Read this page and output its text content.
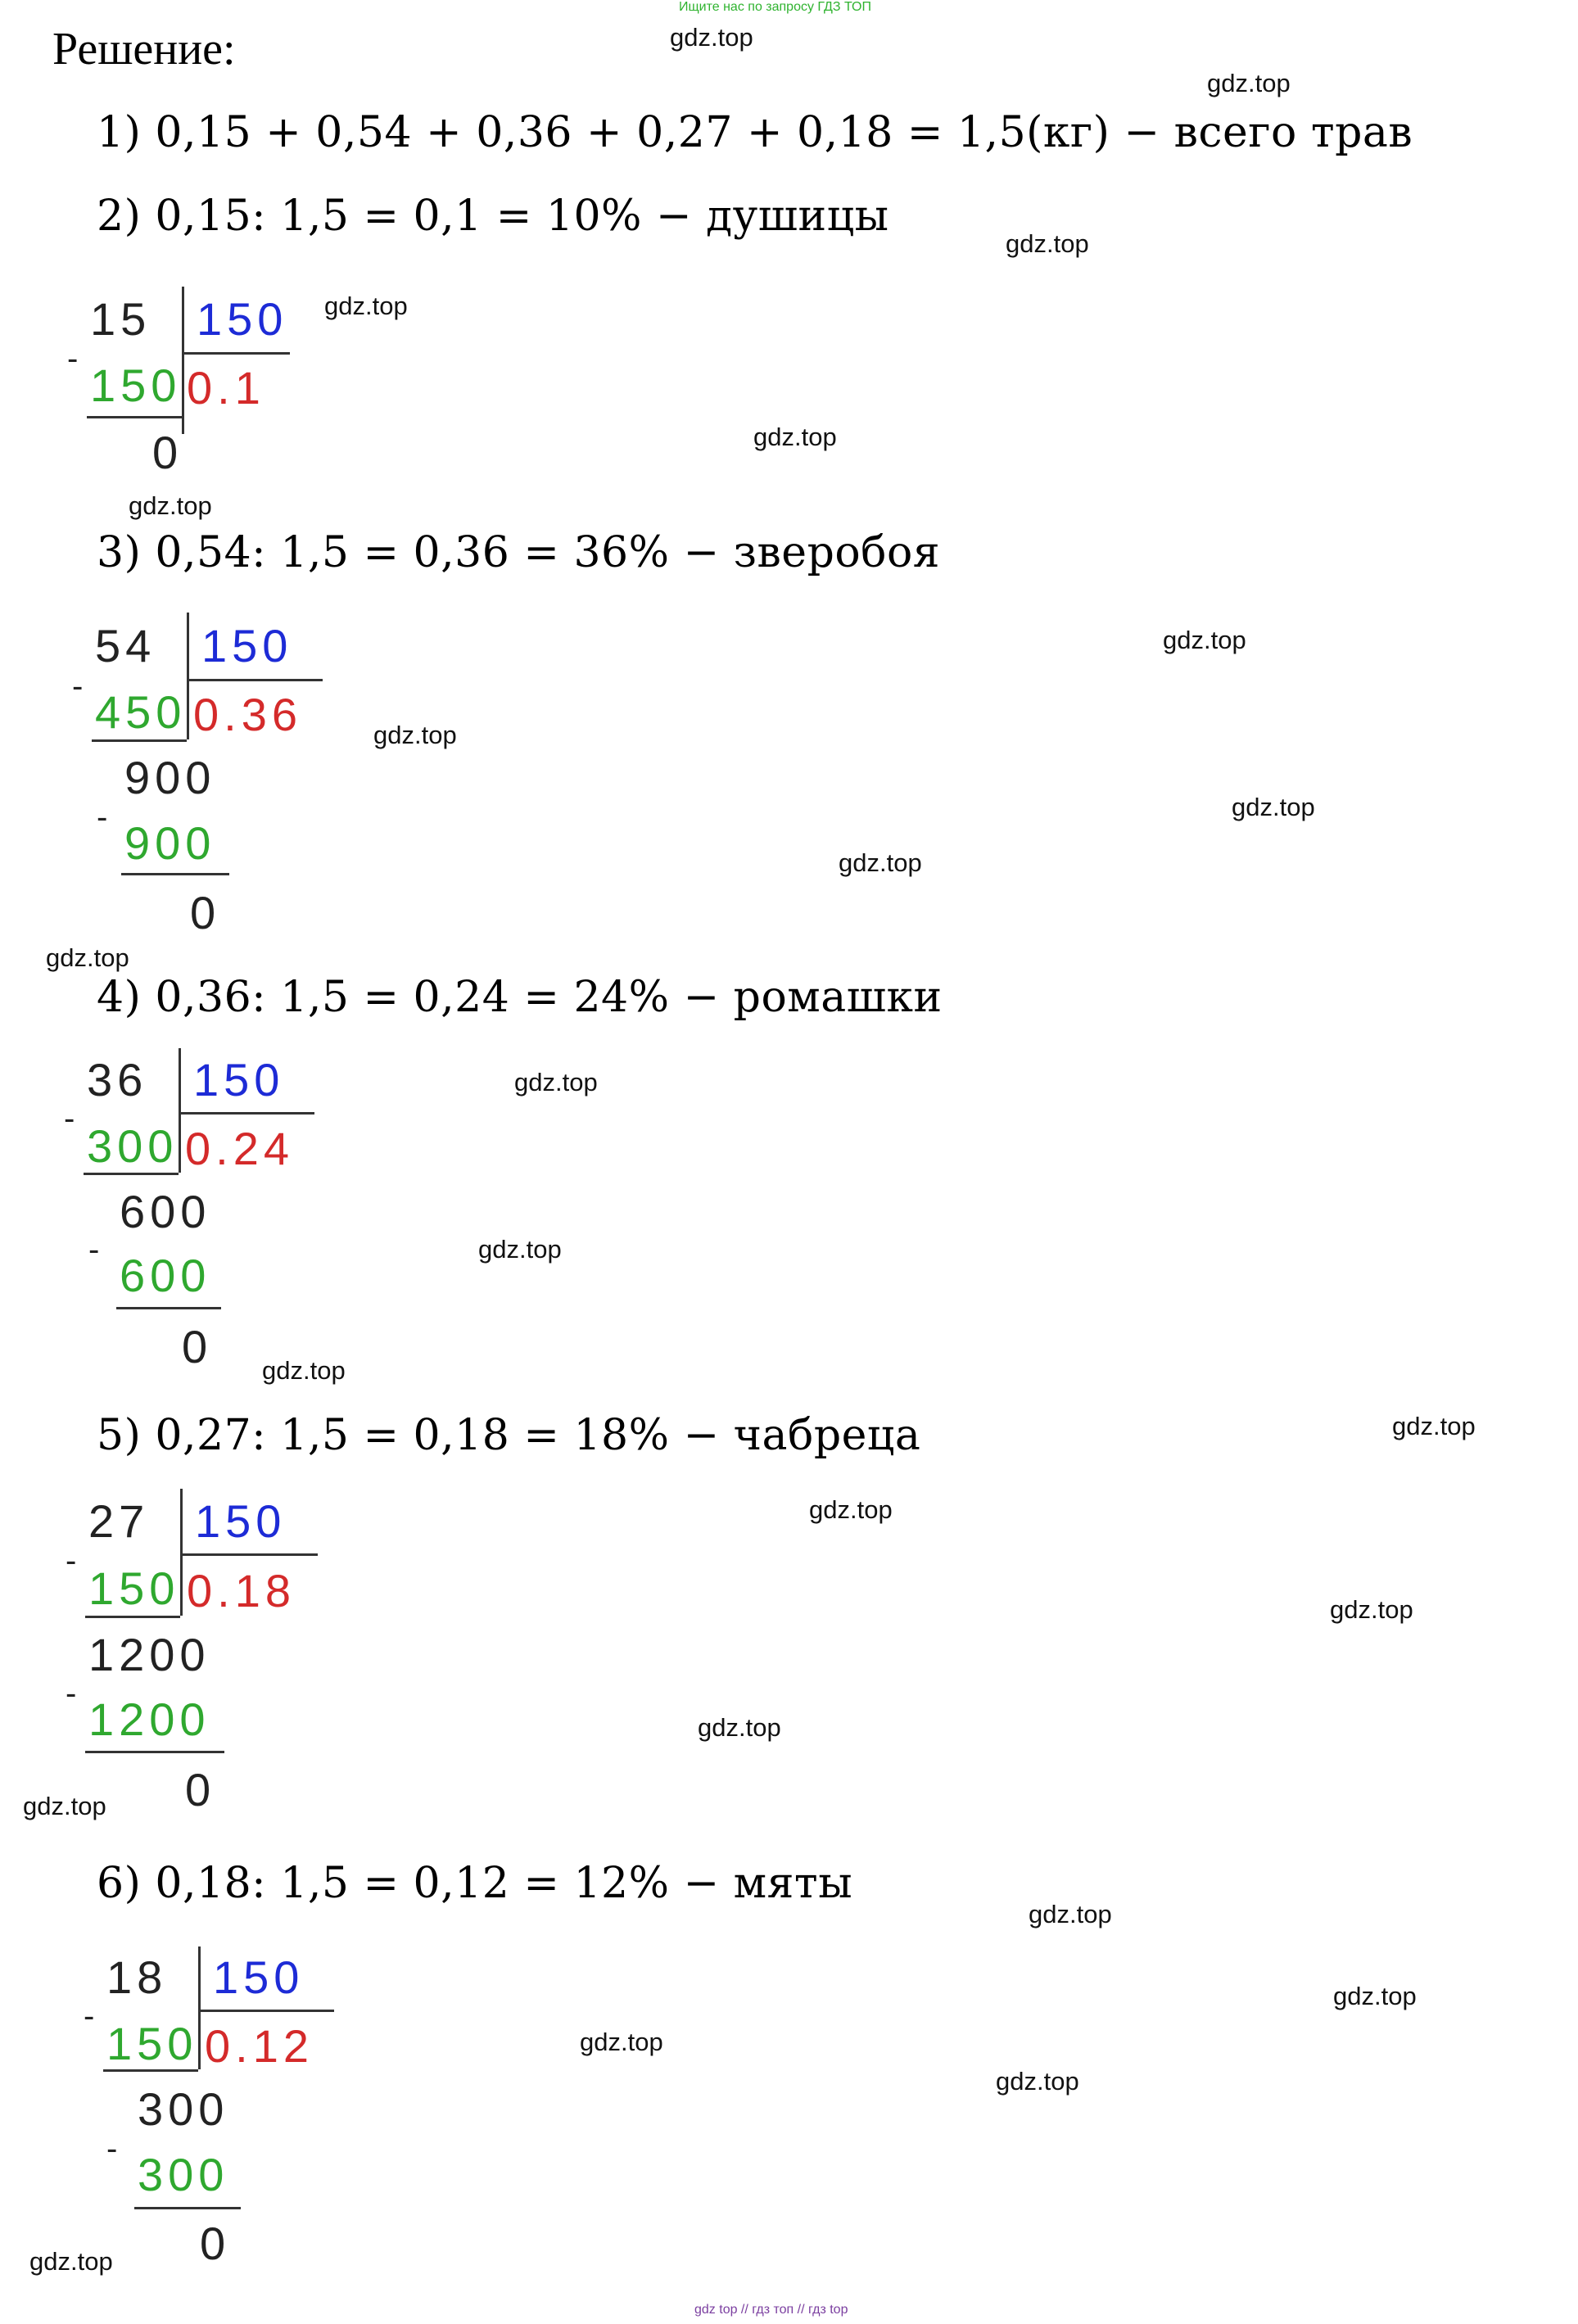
Ищите нас по запросу ГДЗ ТОП
Решение:
1) 0,15 + 0,54 + 0,36 + 0,27 + 0,18 = 1,5(кг) − всего трав
2) 0,15: 1,5 = 0,1 = 10% − душицы
3) 0,54: 1,5 = 0,36 = 36% − зверобоя
4) 0,36: 1,5 = 0,24 = 24% − ромашки
5) 0,27: 1,5 = 0,18 = 18% − чабреца
6) 0,18: 1,5 = 0,12 = 12% − мяты
15 150
-
150 0.1
0
54 150
- 450 0.36
900
- 900
0
36 150
-
300 0.24
600
- 600
0
27 150
-
150 0.18
1200
- 1200
0
18 150
-
150 0.12
300
- 300
0
gdz.top
gdz.top
gdz.top
gdz.top
gdz.top
gdz.top
gdz.top
gdz.top
gdz.top
gdz.top
gdz.top
gdz.top
gdz.top
gdz.top
gdz.top
gdz.top
gdz.top
gdz.top
gdz.top
gdz.top
gdz.top
gdz.top
gdz.top
gdz.top
gdz top // гдз топ // гдз top
